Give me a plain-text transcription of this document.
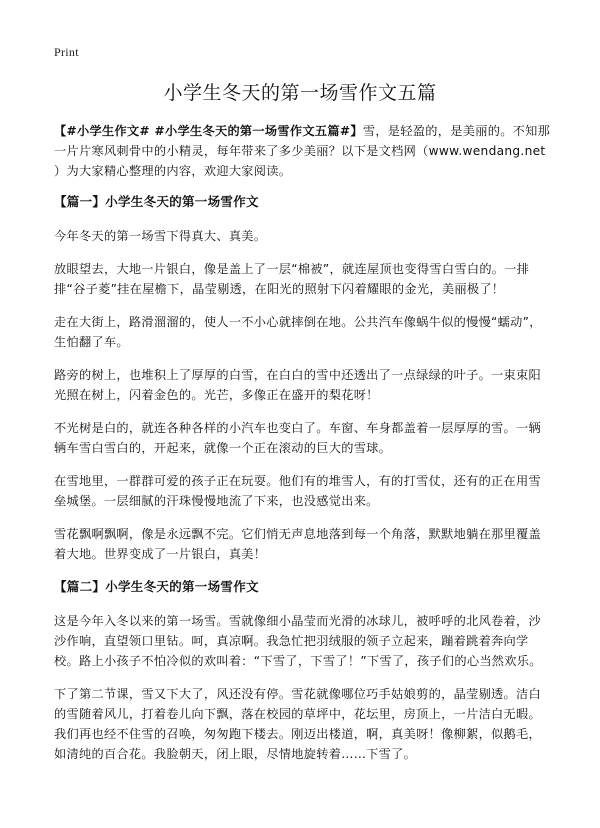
Print
小学生冬天的第一场雪作文五篇

【#小学生作文# #小学生冬天的第一场雪作文五篇#】雪，是轻盈的，是美丽的。不知那一片片寒风刺骨中的小精灵，每年带来了多少美丽？以下是文档网（www.wendang.net ）为大家精心整理的内容，欢迎大家阅读。

【篇一】小学生冬天的第一场雪作文

今年冬天的第一场雪下得真大、真美。

放眼望去，大地一片银白，像是盖上了一层“棉被”，就连屋顶也变得雪白雪白的。一排排“谷子菱”挂在屋檐下，晶莹剔透，在阳光的照射下闪着耀眼的金光，美丽极了！

走在大街上，路滑溜溜的，使人一不小心就摔倒在地。公共汽车像蜗牛似的慢慢“蠕动”，生怕翻了车。

路旁的树上，也堆积上了厚厚的白雪，在白白的雪中还透出了一点绿绿的叶子。一束束阳光照在树上，闪着金色的。光芒，多像正在盛开的梨花呀！

不光树是白的，就连各种各样的小汽车也变白了。车窗、车身都盖着一层厚厚的雪。一辆辆车雪白雪白的，开起来，就像一个正在滚动的巨大的雪球。

在雪地里，一群群可爱的孩子正在玩耍。他们有的堆雪人，有的打雪仗，还有的正在用雪垒城堡。一层细腻的汗珠慢慢地流了下来，也没感觉出来。

雪花飘啊飘啊，像是永远飘不完。它们悄无声息地落到每一个角落，默默地躺在那里覆盖着大地。世界变成了一片银白，真美！

【篇二】小学生冬天的第一场雪作文

这是今年入冬以来的第一场雪。雪就像细小晶莹而光滑的冰球儿，被呼呼的北风卷着，沙沙作响，直望领口里钻。呵，真凉啊。我急忙把羽绒服的领子立起来，蹦着跳着奔向学校。路上小孩子不怕冷似的欢叫着：“下雪了，下雪了！”下雪了，孩子们的心当然欢乐。

下了第二节课，雪又下大了，风还没有停。雪花就像哪位巧手姑娘剪的，晶莹剔透。洁白的雪随着风儿，打着卷儿向下飘，落在校园的草坪中，花坛里，房顶上，一片洁白无暇。我们再也经不住雪的召唤，匆匆跑下楼去。刚迈出楼道，啊，真美呀！像柳絮，似鹅毛，如清纯的百合花。我脸朝天，闭上眼，尽情地旋转着……下雪了。
